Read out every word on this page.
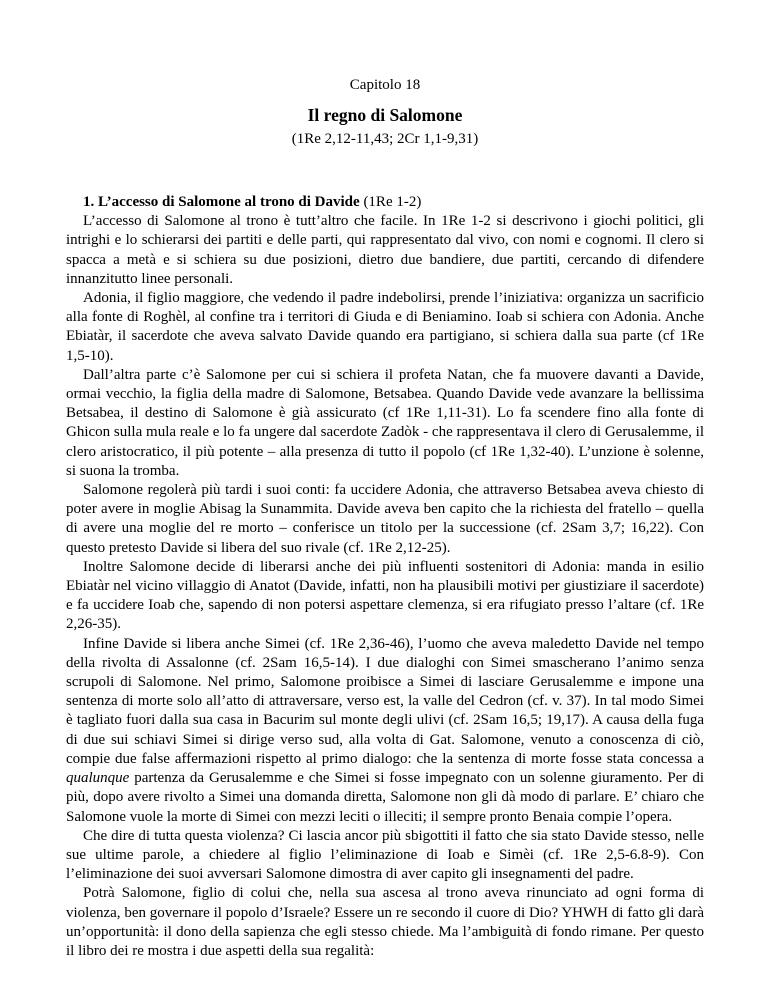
Capitolo 18

Il regno di Salomone

(1Re 2,12-11,43; 2Cr 1,1-9,31)

1. L’accesso di Salomone al trono di Davide (1Re 1-2)

L’accesso di Salomone al trono è tutt’altro che facile. In 1Re 1-2 si descrivono i giochi politici, gli intrighi e lo schierarsi dei partiti e delle parti, qui rappresentato dal vivo, con nomi e cognomi. Il clero si spacca a metà e si schiera su due posizioni, dietro due bandiere, due partiti, cercando di difendere innanzitutto linee personali.

Adonia, il figlio maggiore, che vedendo il padre indebolirsi, prende l’iniziativa: organizza un sacrificio alla fonte di Roghèl, al confine tra i territori di Giuda e di Beniamino. Ioab si schiera con Adonia. Anche Ebiatàr, il sacerdote che aveva salvato Davide quando era partigiano, si schiera dalla sua parte (cf 1Re 1,5-10).

Dall’altra parte c’è Salomone per cui si schiera il profeta Natan, che fa muovere davanti a Davide, ormai vecchio, la figlia della madre di Salomone, Betsabea. Quando Davide vede avanzare la bellissima Betsabea, il destino di Salomone è già assicurato (cf 1Re 1,11-31). Lo fa scendere fino alla fonte di Ghicon sulla mula reale e lo fa ungere dal sacerdote Zadòk - che rappresentava il clero di Gerusalemme, il clero aristocratico, il più potente – alla presenza di tutto il popolo (cf 1Re 1,32-40). L’unzione è solenne, si suona la tromba.

Salomone regolerà più tardi i suoi conti: fa uccidere Adonia, che attraverso Betsabea aveva chiesto di poter avere in moglie Abisag la Sunammita. Davide aveva ben capito che la richiesta del fratello – quella di avere una moglie del re morto – conferisce un titolo per la successione (cf. 2Sam 3,7; 16,22). Con questo pretesto Davide si libera del suo rivale (cf. 1Re 2,12-25).

Inoltre Salomone decide di liberarsi anche dei più influenti sostenitori di Adonia: manda in esilio Ebiatàr nel vicino villaggio di Anatot (Davide, infatti, non ha plausibili motivi per giustiziare il sacerdote) e fa uccidere Ioab che, sapendo di non potersi aspettare clemenza, si era rifugiato presso l’altare (cf. 1Re 2,26-35).

Infine Davide si libera anche Simei (cf. 1Re 2,36-46), l’uomo che aveva maledetto Davide nel tempo della rivolta di Assalonne (cf. 2Sam 16,5-14). I due dialoghi con Simei smascherano l’animo senza scrupoli di Salomone. Nel primo, Salomone proibisce a Simei di lasciare Gerusalemme e impone una sentenza di morte solo all’atto di attraversare, verso est, la valle del Cedron (cf. v. 37). In tal modo Simei è tagliato fuori dalla sua casa in Bacurim sul monte degli ulivi (cf. 2Sam 16,5; 19,17). A causa della fuga di due sui schiavi Simei si dirige verso sud, alla volta di Gat. Salomone, venuto a conoscenza di ciò, compie due false affermazioni rispetto al primo dialogo: che la sentenza di morte fosse stata concessa a qualunque partenza da Gerusalemme e che Simei si fosse impegnato con un solenne giuramento. Per di più, dopo avere rivolto a Simei una domanda diretta, Salomone non gli dà modo di parlare. E’ chiaro che Salomone vuole la morte di Simei con mezzi leciti o illeciti; il sempre pronto Benaia compie l’opera.

Che dire di tutta questa violenza? Ci lascia ancor più sbigottiti il fatto che sia stato Davide stesso, nelle sue ultime parole, a chiedere al figlio l’eliminazione di Ioab e Simèi (cf. 1Re 2,5-6.8-9). Con l’eliminazione dei suoi avversari Salomone dimostra di aver capito gli insegnamenti del padre.

Potrà Salomone, figlio di colui che, nella sua ascesa al trono aveva rinunciato ad ogni forma di violenza, ben governare il popolo d’Israele? Essere un re secondo il cuore di Dio? YHWH di fatto gli darà un’opportunità: il dono della sapienza che egli stesso chiede. Ma l’ambiguità di fondo rimane. Per questo il libro dei re mostra i due aspetti della sua regalità:
